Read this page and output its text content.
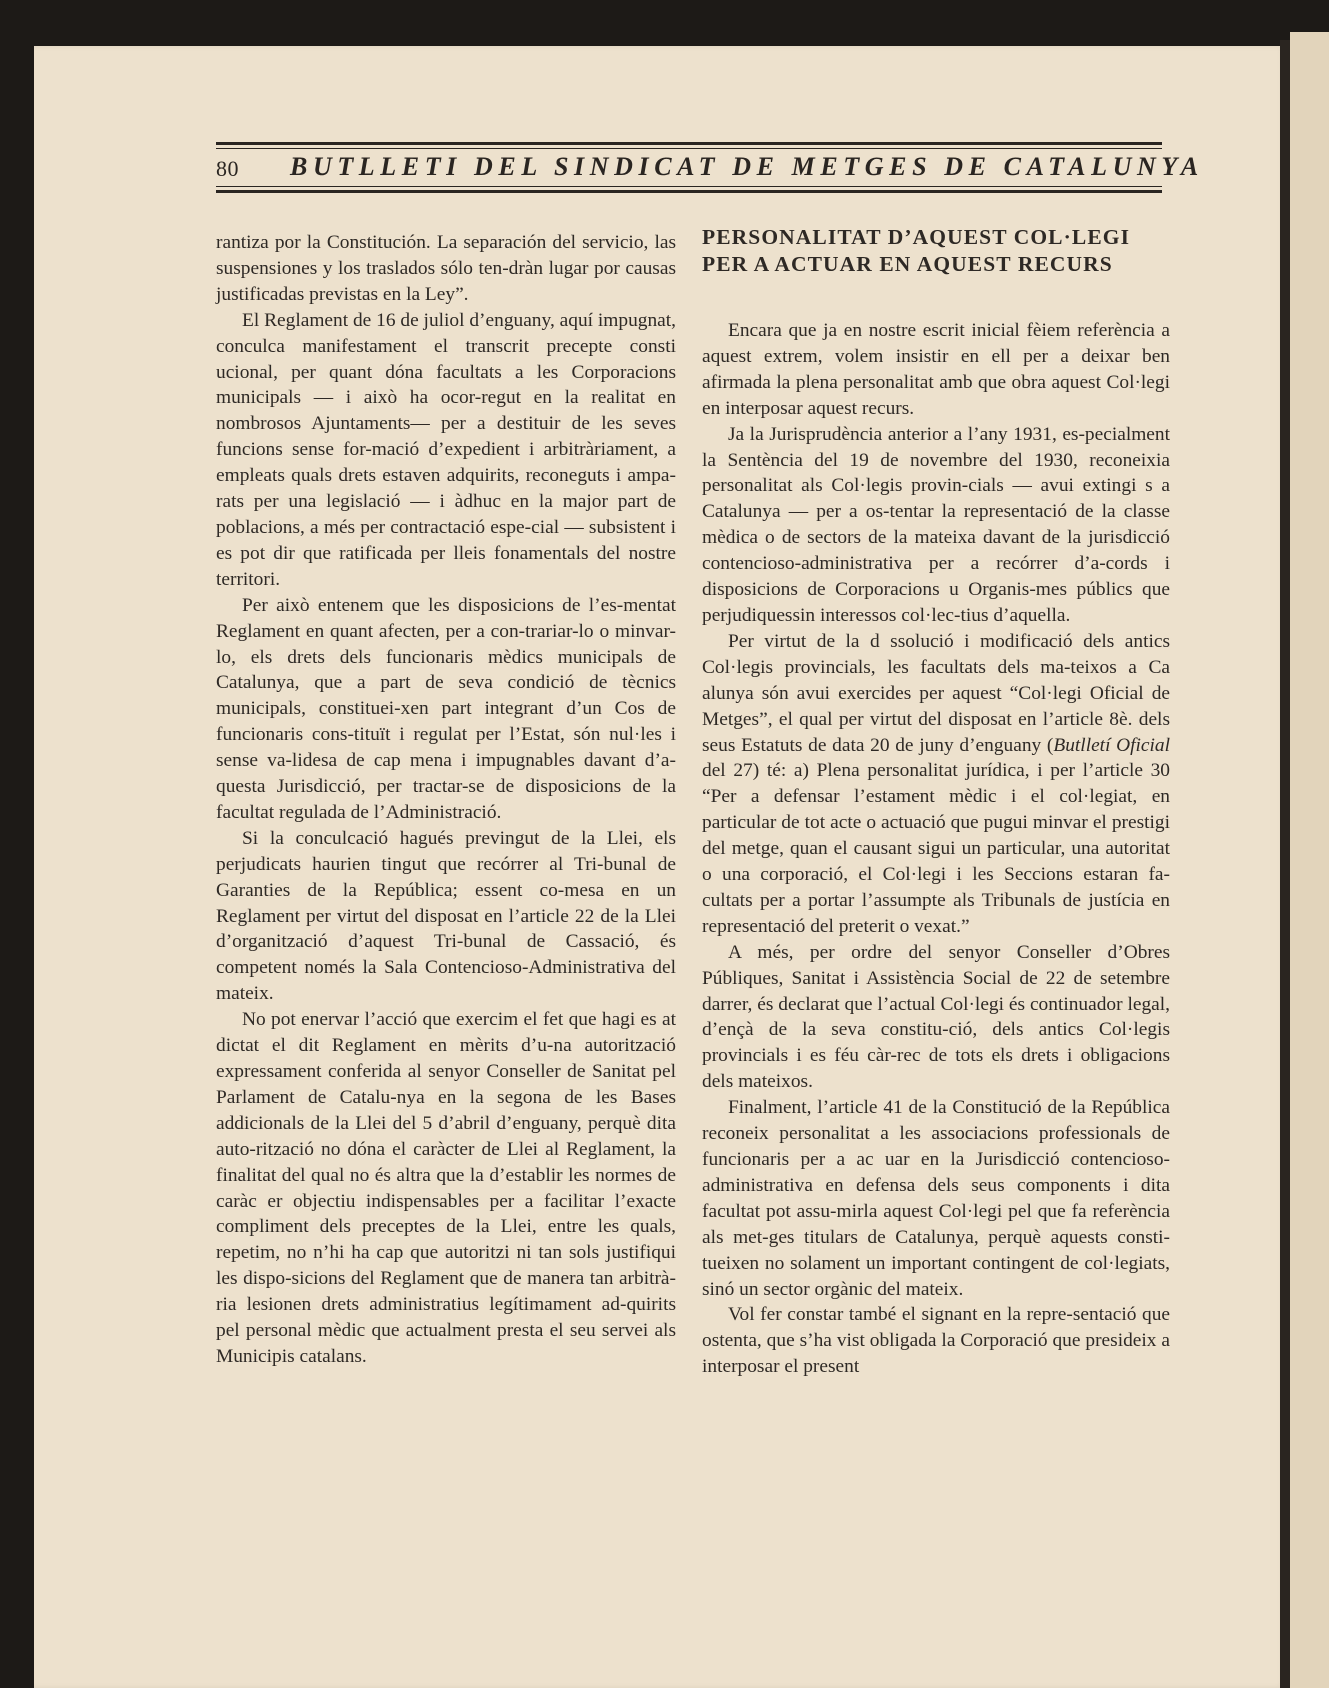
80 BUTLLETI DEL SINDICAT DE METGES DE CATALUNYA

rantiza por la Constitución. La separación del servicio, las suspensiones y los traslados sólo ten-dràn lugar por causas justificadas previstas en la Ley”.

El Reglament de 16 de juliol d’enguany, aquí impugnat, conculca manifestament el transcrit precepte consti ucional, per quant dóna facultats a les Corporacions municipals — i això ha ocor-regut en la realitat en nombrosos Ajuntaments— per a destituir de les seves funcions sense for-mació d’expedient i arbitràriament, a empleats quals drets estaven adquirits, reconeguts i ampa-rats per una legislació — i àdhuc en la major part de poblacions, a més per contractació espe-cial — subsistent i es pot dir que ratificada per lleis fonamentals del nostre territori.

Per això entenem que les disposicions de l’es-mentat Reglament en quant afecten, per a con-trariar-lo o minvar-lo, els drets dels funcionaris mèdics municipals de Catalunya, que a part de seva condició de tècnics municipals, constituei-xen part integrant d’un Cos de funcionaris cons-tituït i regulat per l’Estat, són nul·les i sense va-lidesa de cap mena i impugnables davant d’a-questa Jurisdicció, per tractar-se de disposicions de la facultat regulada de l’Administració.

Si la conculcació hagués previngut de la Llei, els perjudicats haurien tingut que recórrer al Tri-bunal de Garanties de la República; essent co-mesa en un Reglament per virtut del disposat en l’article 22 de la Llei d’organització d’aquest Tri-bunal de Cassació, és competent només la Sala Contencioso-Administrativa del mateix.

No pot enervar l’acció que exercim el fet que hagi es at dictat el dit Reglament en mèrits d’u-na autorització expressament conferida al senyor Conseller de Sanitat pel Parlament de Catalu-nya en la segona de les Bases addicionals de la Llei del 5 d’abril d’enguany, perquè dita auto-rització no dóna el caràcter de Llei al Reglament, la finalitat del qual no és altra que la d’establir les normes de caràc er objectiu indispensables per a facilitar l’exacte compliment dels preceptes de la Llei, entre les quals, repetim, no n’hi ha cap que autoritzi ni tan sols justifiqui les dispo-sicions del Reglament que de manera tan arbitrà-ria lesionen drets administratius legítimament ad-quirits pel personal mèdic que actualment presta el seu servei als Municipis catalans.

PERSONALITAT D’AQUEST COL·LEGI
PER A ACTUAR EN AQUEST RECURS

Encara que ja en nostre escrit inicial fèiem referència a aquest extrem, volem insistir en ell per a deixar ben afirmada la plena personalitat amb que obra aquest Col·legi en interposar aquest recurs.

Ja la Jurisprudència anterior a l’any 1931, es-pecialment la Sentència del 19 de novembre del 1930, reconeixia personalitat als Col·legis provin-cials — avui extingi s a Catalunya — per a os-tentar la representació de la classe mèdica o de sectors de la mateixa davant de la jurisdicció contencioso-administrativa per a recórrer d’a-cords i disposicions de Corporacions u Organis-mes públics que perjudiquessin interessos col·lec-tius d’aquella.

Per virtut de la d ssolució i modificació dels antics Col·legis provincials, les facultats dels ma-teixos a Ca alunya són avui exercides per aquest “Col·legi Oficial de Metges”, el qual per virtut del disposat en l’article 8è. dels seus Estatuts de data 20 de juny d’enguany (Butlletí Oficial del 27) té: a) Plena personalitat jurídica, i per l’article 30 “Per a defensar l’estament mèdic i el col·legiat, en particular de tot acte o actuació que pugui minvar el prestigi del metge, quan el causant sigui un particular, una autoritat o una corporació, el Col·legi i les Seccions estaran fa-cultats per a portar l’assumpte als Tribunals de justícia en representació del preterit o vexat.”

A més, per ordre del senyor Conseller d’Obres Públiques, Sanitat i Assistència Social de 22 de setembre darrer, és declarat que l’actual Col·legi és continuador legal, d’ençà de la seva constitu-ció, dels antics Col·legis provincials i es féu càr-rec de tots els drets i obligacions dels mateixos.

Finalment, l’article 41 de la Constitució de la República reconeix personalitat a les associacions professionals de funcionaris per a ac uar en la Jurisdicció contencioso-administrativa en defensa dels seus components i dita facultat pot assu-mirla aquest Col·legi pel que fa referència als met-ges titulars de Catalunya, perquè aquests consti-tueixen no solament un important contingent de col·legiats, sinó un sector orgànic del mateix.

Vol fer constar també el signant en la repre-sentació que ostenta, que s’ha vist obligada la Corporació que presideix a interposar el present
